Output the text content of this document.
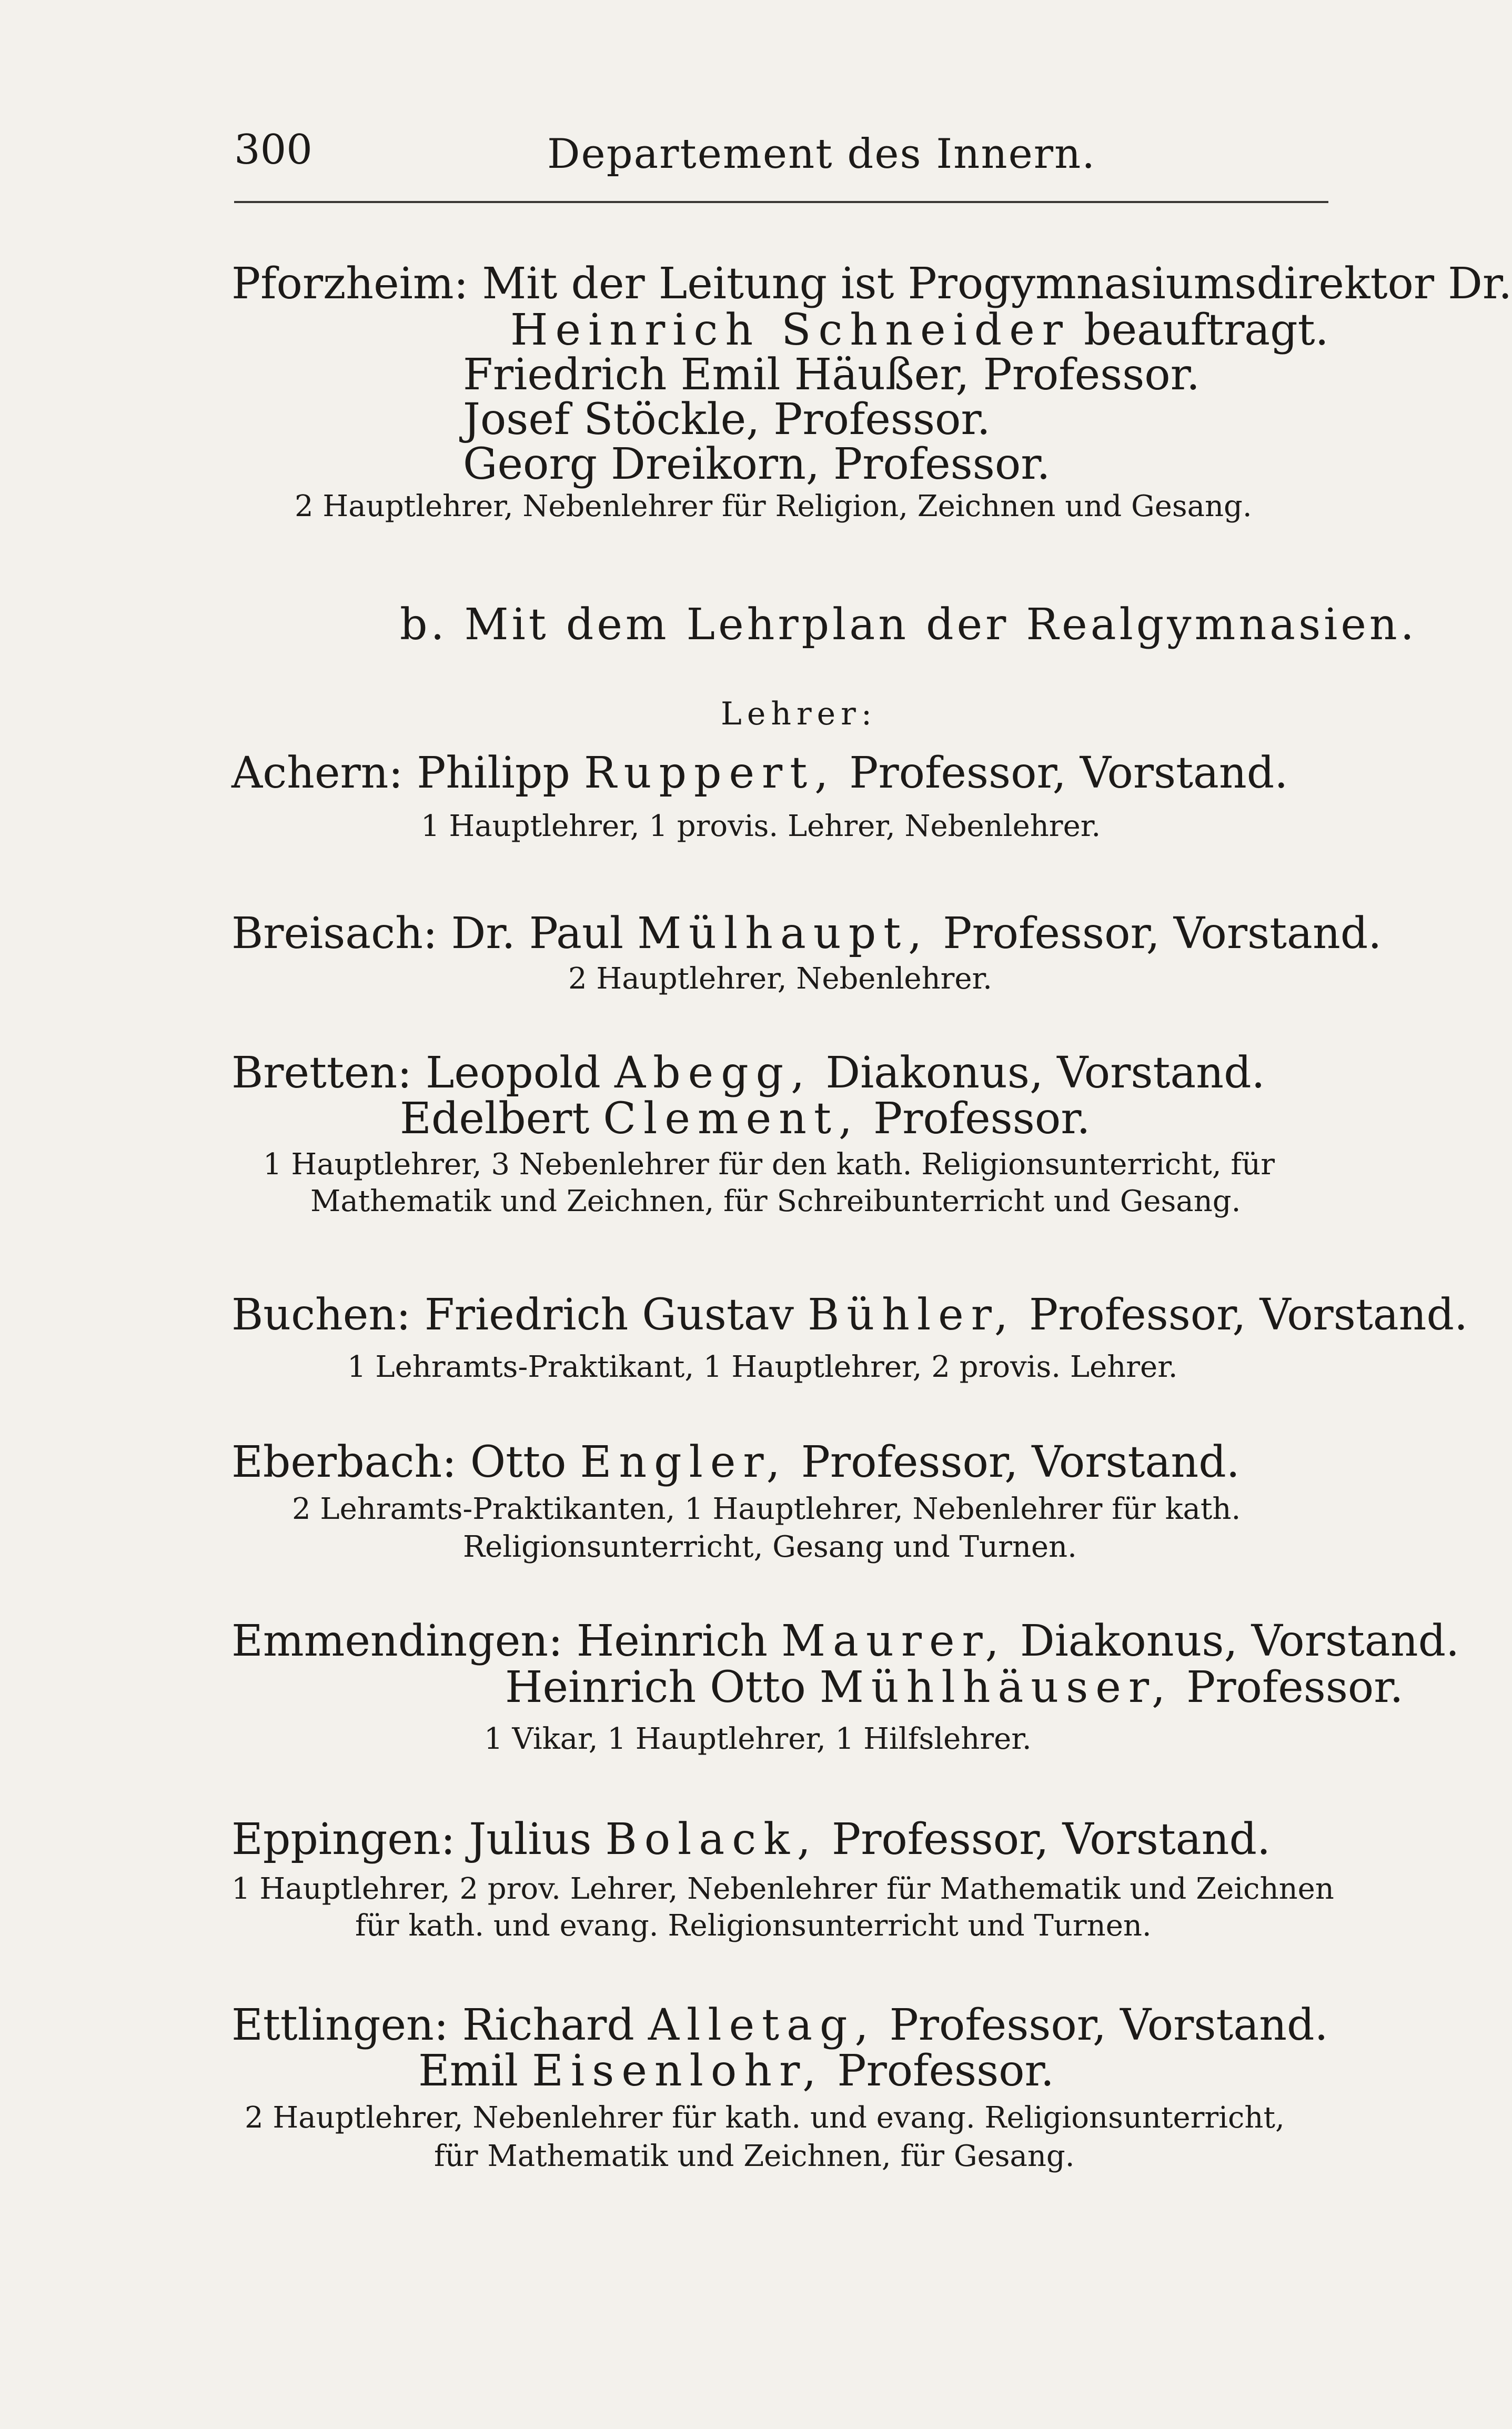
300	Departement des Innern.
Pforzheim: Mit der Leitung ist Progymnasiumsdirektor Dr.
Heinrich Schneider beauftragt.
Friedrich Emil Häußer, Professor.
Josef Stöckle, Professor.
Georg Dreikorn, Professor.
2 Hauptlehrer, Nebenlehrer für Religion, Zeichnen und Gesang.
b. Mit dem Lehrplan der Realgymnasien.
Lehrer:
Achern: Philipp Ruppert, Professor, Vorstand.
1 Hauptlehrer, 1 provis. Lehrer, Nebenlehrer.
Breisach: Dr. Paul Mülhaupt, Professor, Vorstand.
2 Hauptlehrer, Nebenlehrer.
Bretten: Leopold Abegg, Diakonus, Vorstand.
Edelbert Clement, Professor.
1 Hauptlehrer, 3 Nebenlehrer für den kath. Religionsunterricht, für
Mathematik und Zeichnen, für Schreibunterricht und Gesang.
Buchen: Friedrich Gustav Bühler, Professor, Vorstand.
1 Lehramts-Praktikant, 1 Hauptlehrer, 2 provis. Lehrer.
Eberbach: Otto Engler, Professor, Vorstand.
2 Lehramts-Praktikanten, 1 Hauptlehrer, Nebenlehrer für kath.
Religionsunterricht, Gesang und Turnen.
Emmendingen: Heinrich Maurer, Diakonus, Vorstand.
Heinrich Otto Mühlhäuser, Professor.
1 Vikar, 1 Hauptlehrer, 1 Hilfslehrer.
Eppingen: Julius Bolack, Professor, Vorstand.
1 Hauptlehrer, 2 prov. Lehrer, Nebenlehrer für Mathematik und Zeichnen
für kath. und evang. Religionsunterricht und Turnen.
Ettlingen: Richard Alletag, Professor, Vorstand.
Emil Eisenlohr, Professor.
2 Hauptlehrer, Nebenlehrer für kath. und evang. Religionsunterricht,
für Mathematik und Zeichnen, für Gesang.
